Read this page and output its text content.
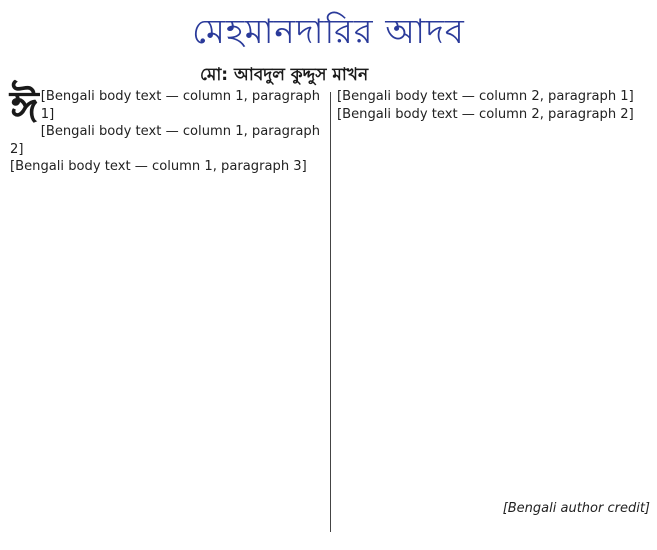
মেহমানদারির আদব
মো: আবদুল কুদ্দুস মাখন
ঈ [Bengali body text — column 1, paragraph 1]

[Bengali body text — column 1, paragraph 2]

[Bengali body text — column 1, paragraph 3]

[Bengali body text — column 2, paragraph 1]

[Bengali body text — column 2, paragraph 2]

[Bengali author credit]
